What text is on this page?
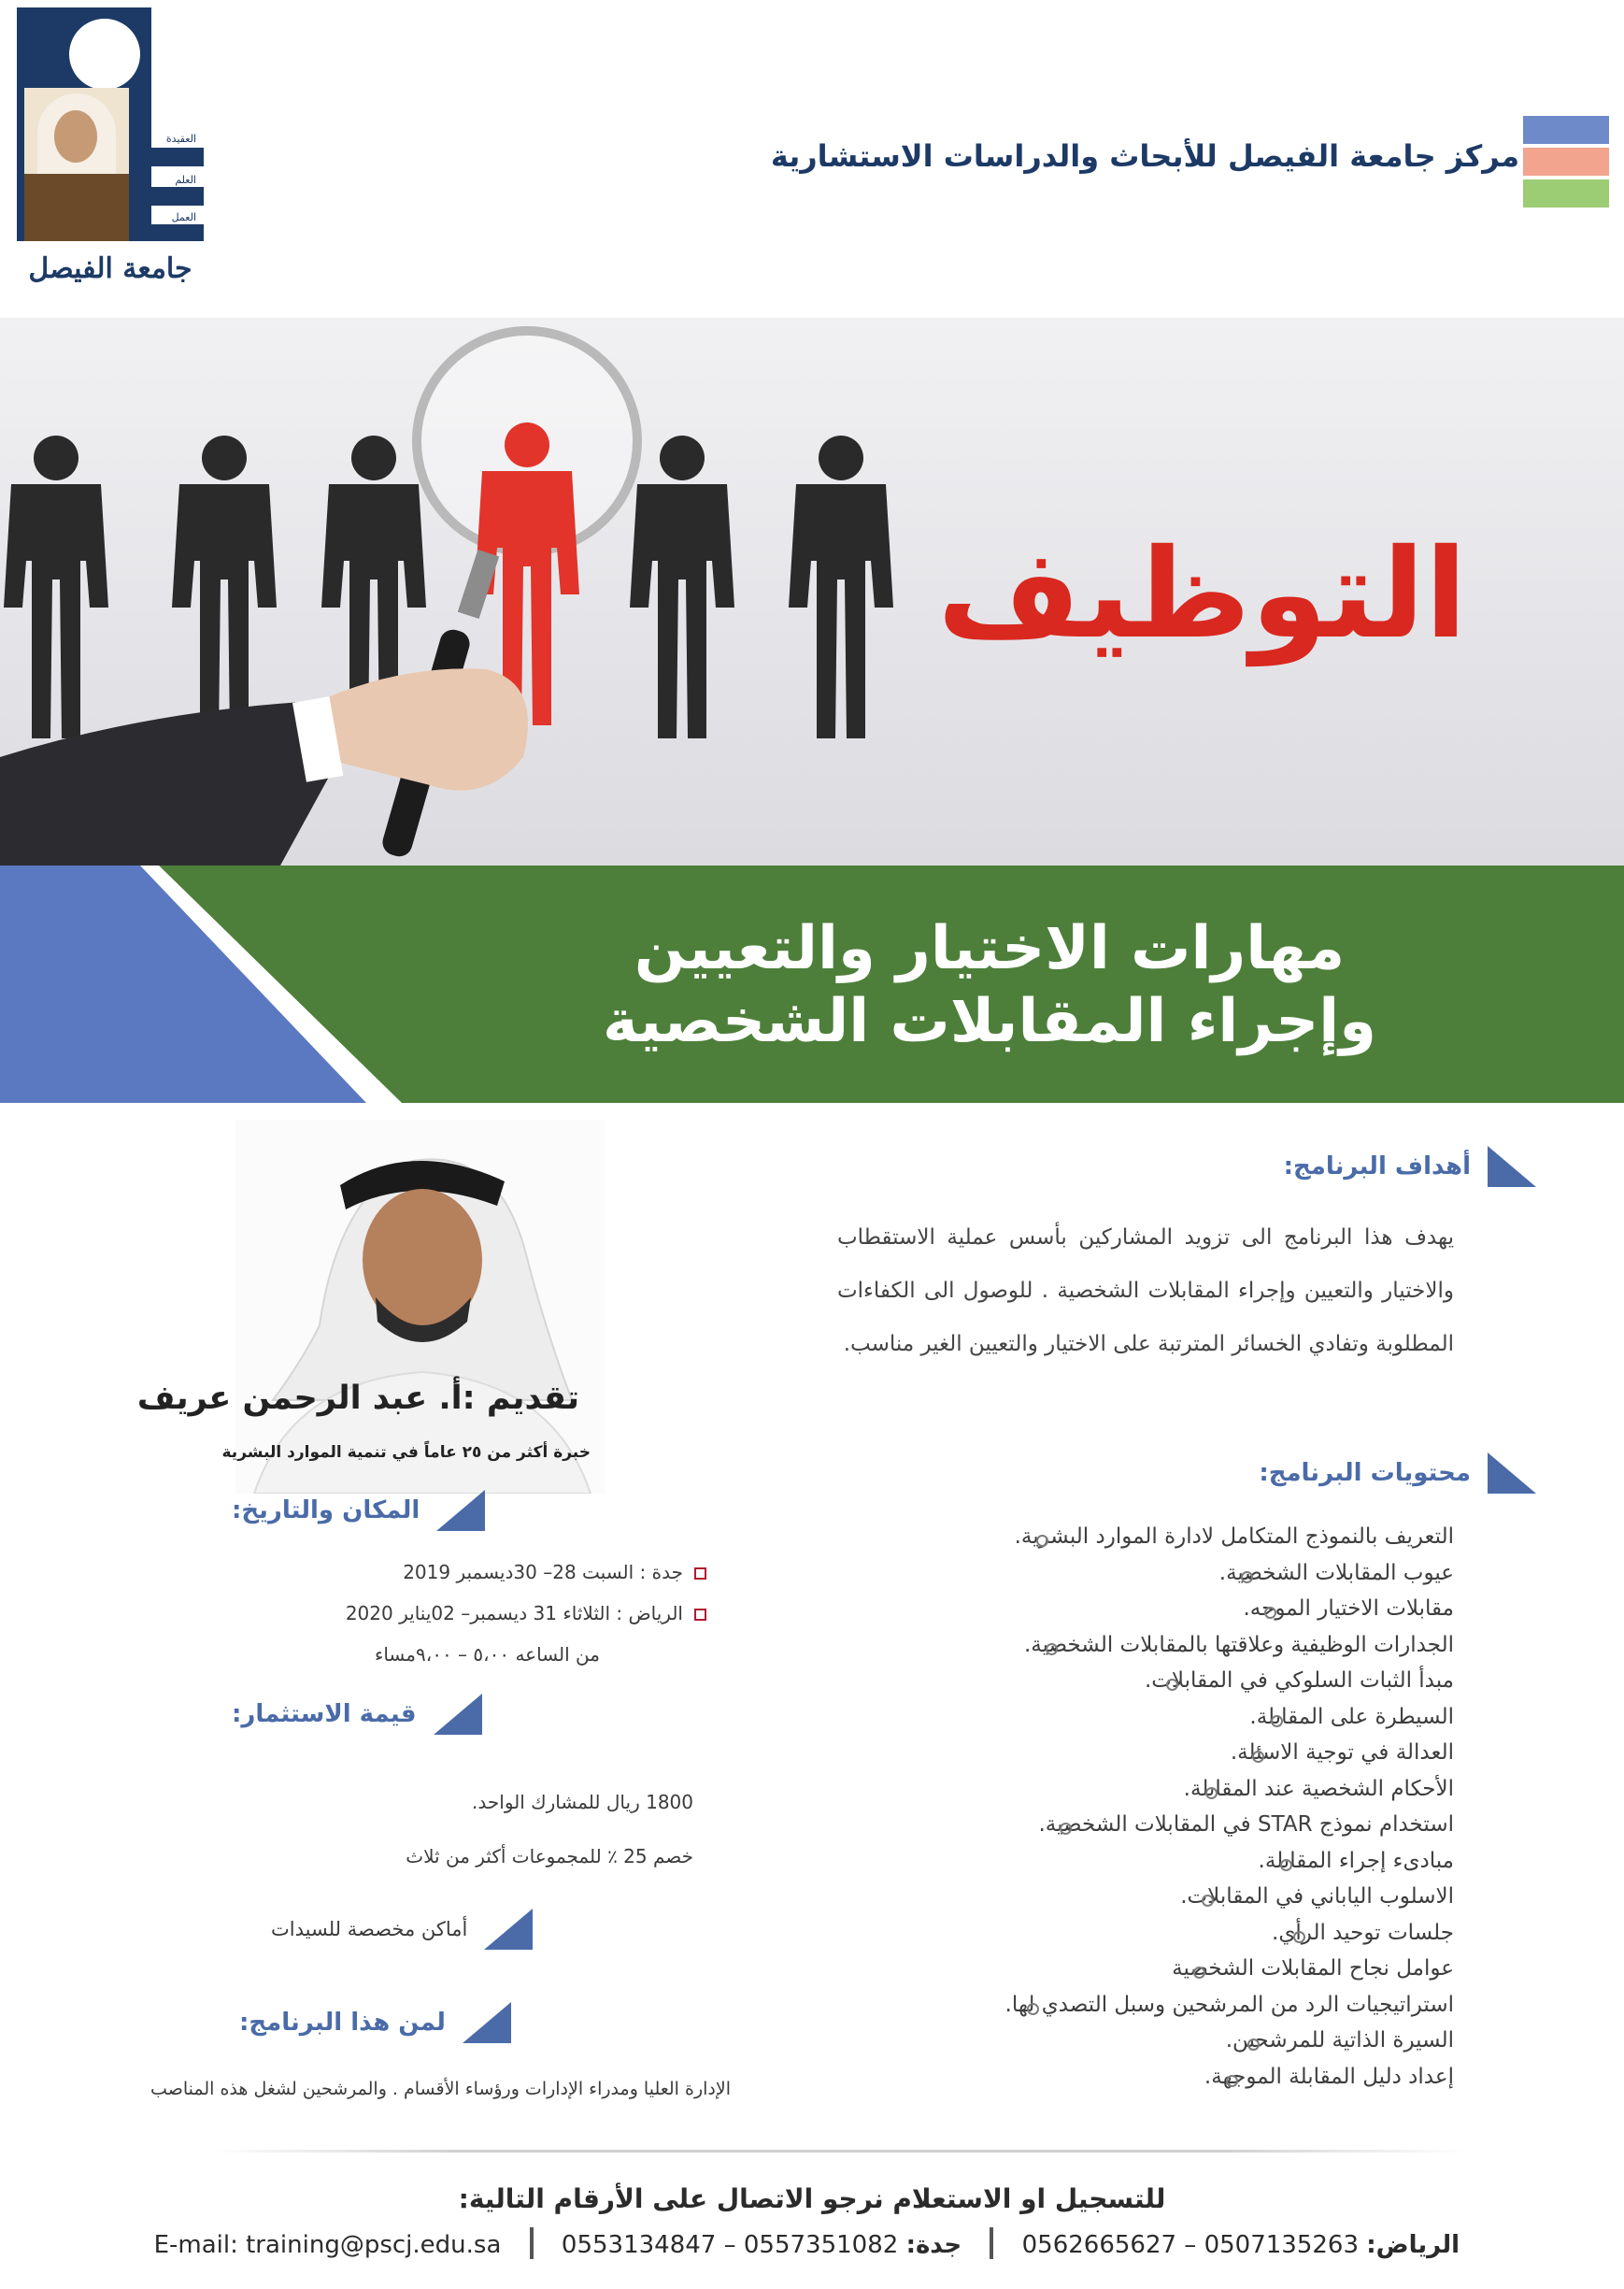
العقيدة
العلم
العمل
جامعة الفيصل
مركز جامعة الفيصل للأبحاث والدراسات الاستشارية
التوظيف
مهارات الاختيار والتعيين
وإجراء المقابلات الشخصية
أهداف البرنامج:
يهدف هذا البرنامج الى تزويد المشاركين بأسس عملية الاستقطاب والاختيار والتعيين وإجراء المقابلات الشخصية . للوصول الى الكفاءات المطلوبة وتفادي الخسائر المترتبة على الاختيار والتعيين الغير مناسب.
محتويات البرنامج:
التعريف بالنموذج المتكامل لادارة الموارد البشرية.
عيوب المقابلات الشخصية.
مقابلات الاختيار الموجه.
الجدارات الوظيفية وعلاقتها بالمقابلات الشخصية.
مبدأ الثبات السلوكي في المقابلات.
السيطرة على المقابلة.
العدالة في توجية الاسئلة.
الأحكام الشخصية عند المقابلة.
استخدام نموذج STAR في المقابلات الشخصية.
مبادىء إجراء المقابلة.
الاسلوب الياباني في المقابلات.
جلسات توحيد الرأي.
عوامل نجاح المقابلات الشخصية
استراتيجيات الرد من المرشحين وسبل التصدي لها.
السيرة الذاتية للمرشحين.
إعداد دليل المقابلة الموجهة.
تقديم :أ. عبد الرحمن عريف
خبرة أكثر من ٢٥ عاماً في تنمية الموارد البشرية
المكان والتاريخ:
جدة : السبت 28– 30ديسمبر 2019
الرياض : الثلاثاء 31 ديسمبر– 02يناير 2020
من الساعه ٥،٠٠ – ٩،٠٠مساء
قيمة الاستثمار:
1800 ريال للمشارك الواحد.
خصم 25 ٪ للمجموعات أكثر من ثلاث
أماكن مخصصة للسيدات
لمن هذا البرنامج:
الإدارة العليا ومدراء الإدارات ورؤساء الأقسام . والمرشحين لشغل هذه المناصب
للتسجيل او الاستعلام نرجو الاتصال على الأرقام التالية:
الرياض: 0507135263 – 0562665627  جدة: 0557351082 – 0553134847  E-mail: training@pscj.edu.sa
